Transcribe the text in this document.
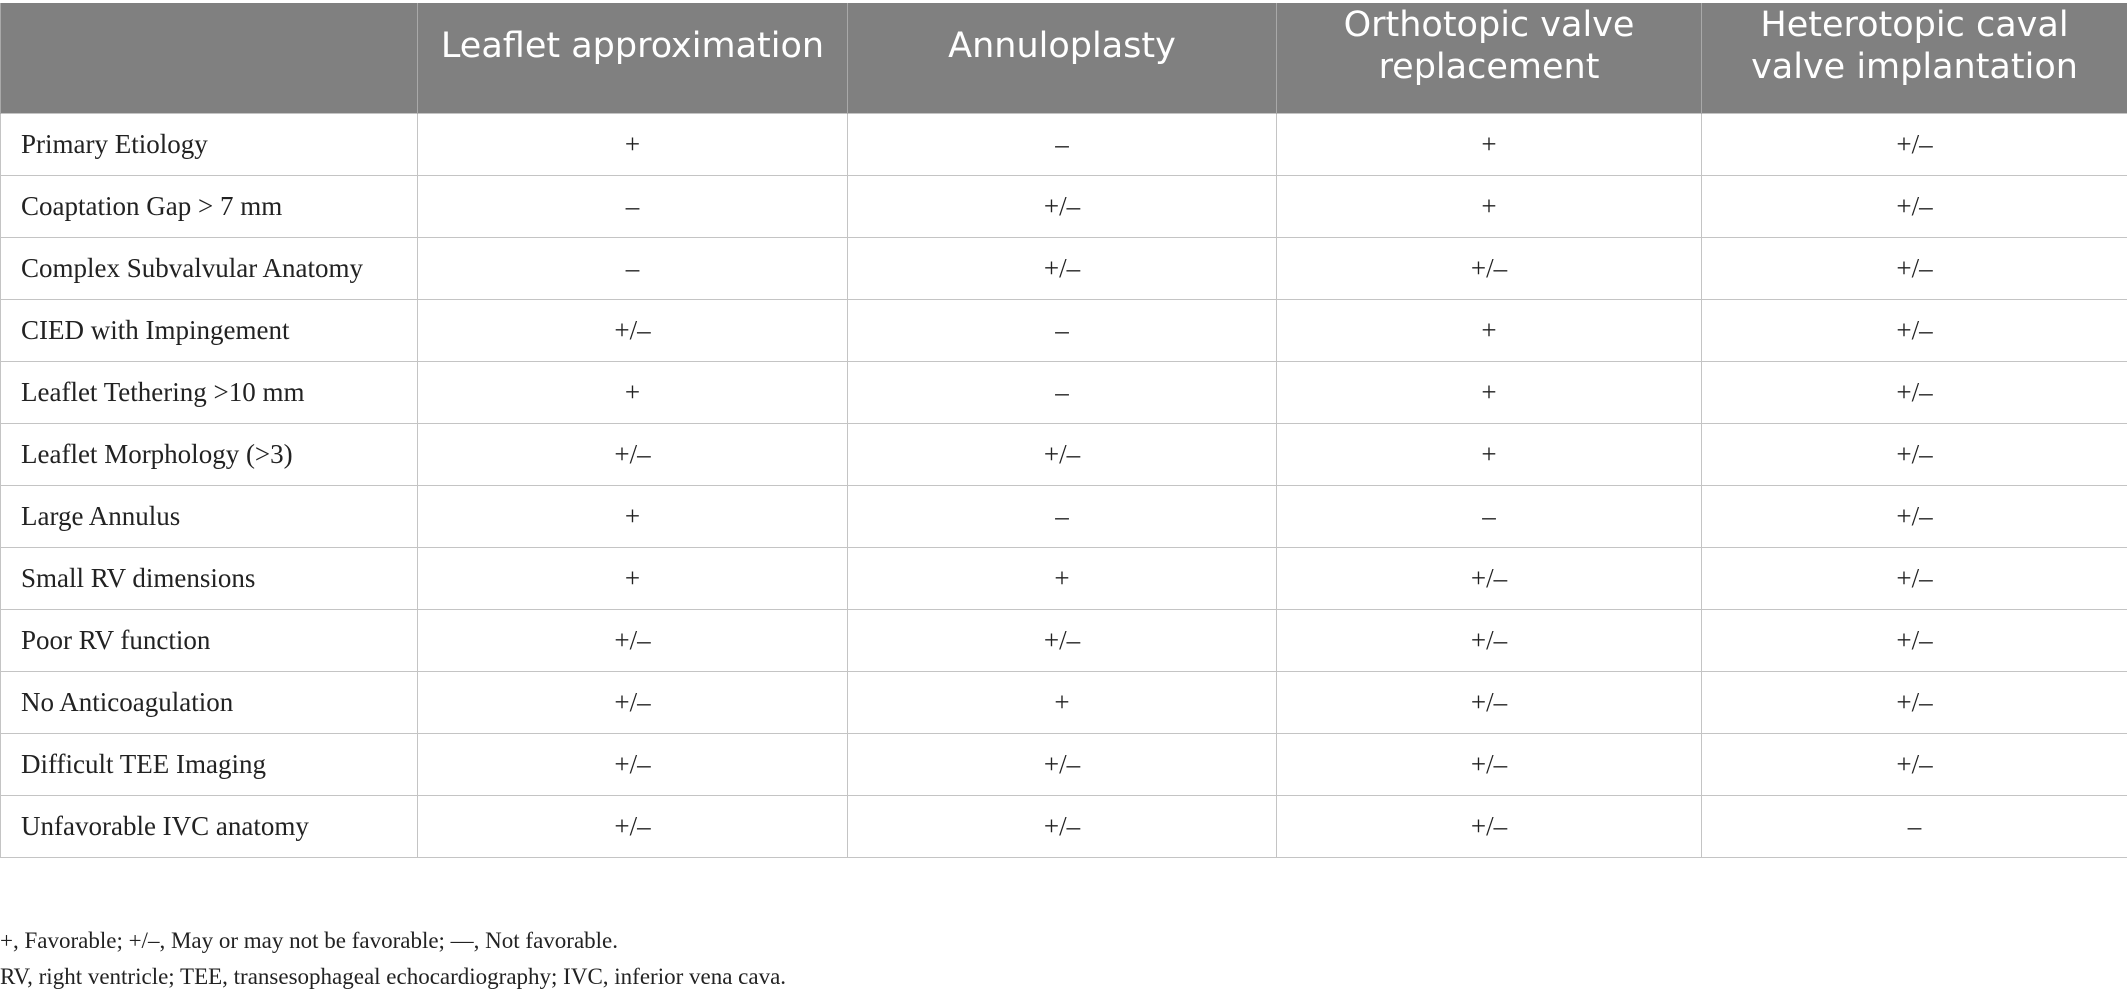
	Leaflet approximation	Annuloplasty	Orthotopic valve replacement	Heterotopic caval valve implantation

Primary Etiology	+	–	+	+/–
Coaptation Gap > 7 mm	–	+/–	+	+/–
Complex Subvalvular Anatomy	–	+/–	+/–	+/–
CIED with Impingement	+/–	–	+	+/–
Leaflet Tethering >10 mm	+	–	+	+/–
Leaflet Morphology (>3)	+/–	+/–	+	+/–
Large Annulus	+	–	–	+/–
Small RV dimensions	+	+	+/–	+/–
Poor RV function	+/–	+/–	+/–	+/–
No Anticoagulation	+/–	+	+/–	+/–
Difficult TEE Imaging	+/–	+/–	+/–	+/–
Unfavorable IVC anatomy	+/–	+/–	+/–	–
+, Favorable; +/–, May or may not be favorable; —, Not favorable.
RV, right ventricle; TEE, transesophageal echocardiography; IVC, inferior vena cava.
